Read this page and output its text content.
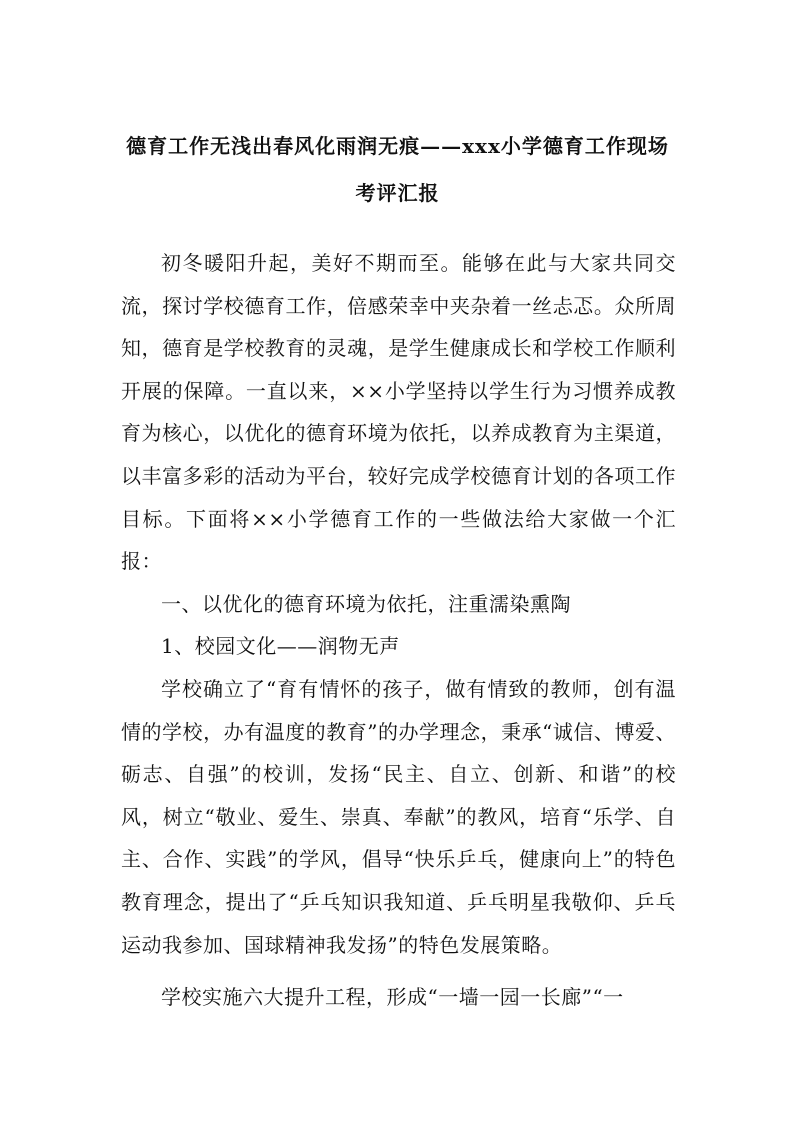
德育工作无浅出春风化雨润无痕——xxx小学德育工作现场
考评汇报

初冬暖阳升起，美好不期而至。能够在此与大家共同交流，探讨学校德育工作，倍感荣幸中夹杂着一丝忐忑。众所周知，德育是学校教育的灵魂，是学生健康成长和学校工作顺利开展的保障。一直以来，××小学坚持以学生行为习惯养成教育为核心，以优化的德育环境为依托，以养成教育为主渠道，以丰富多彩的活动为平台，较好完成学校德育计划的各项工作目标。下面将××小学德育工作的一些做法给大家做一个汇报：

一、以优化的德育环境为依托，注重濡染熏陶

1、校园文化——润物无声

学校确立了“育有情怀的孩子，做有情致的教师，创有温情的学校，办有温度的教育”的办学理念，秉承“诚信、博爱、砺志、自强”的校训，发扬“民主、自立、创新、和谐”的校风，树立“敬业、爱生、崇真、奉献”的教风，培育“乐学、自主、合作、实践”的学风，倡导“快乐乒乓，健康向上”的特色教育理念，提出了“乒乓知识我知道、乒乓明星我敬仰、乒乓运动我参加、国球精神我发扬”的特色发展策略。

学校实施六大提升工程，形成“一墙一园一长廊”“一
